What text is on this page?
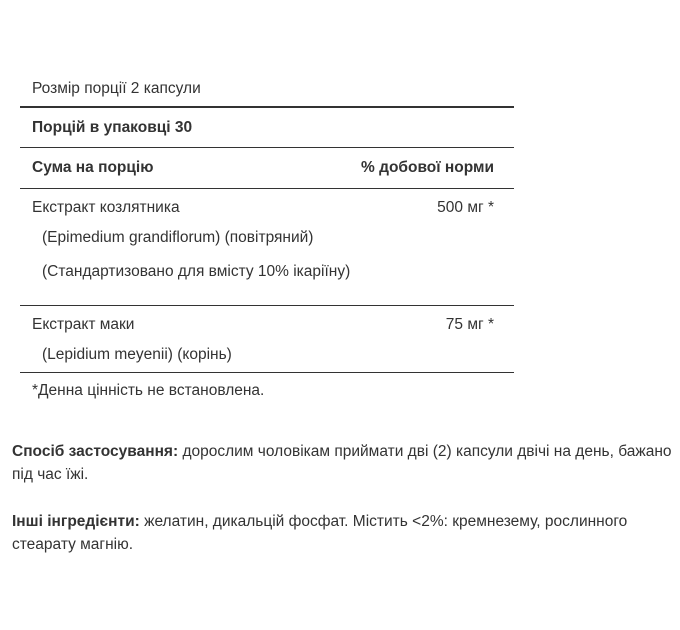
Розмір порції 2 капсули
Порцій в упаковці 30
Сума на порцію	% добової норми
Екстракт козлятника	500 мг *
(Epimedium grandiflorum) (повітряний)
(Стандартизовано для вмісту 10% ікаріїну)
Екстракт маки	75 мг *
(Lepidium meyenii) (корінь)
*Денна цінність не встановлена.
Спосіб застосування: дорослим чоловікам приймати дві (2) капсули двічі на день, бажано під час їжі.
Інші інгредієнти: желатин, дикальцій фосфат. Містить <2%: кремнезему, рослинного стеарату магнію.
